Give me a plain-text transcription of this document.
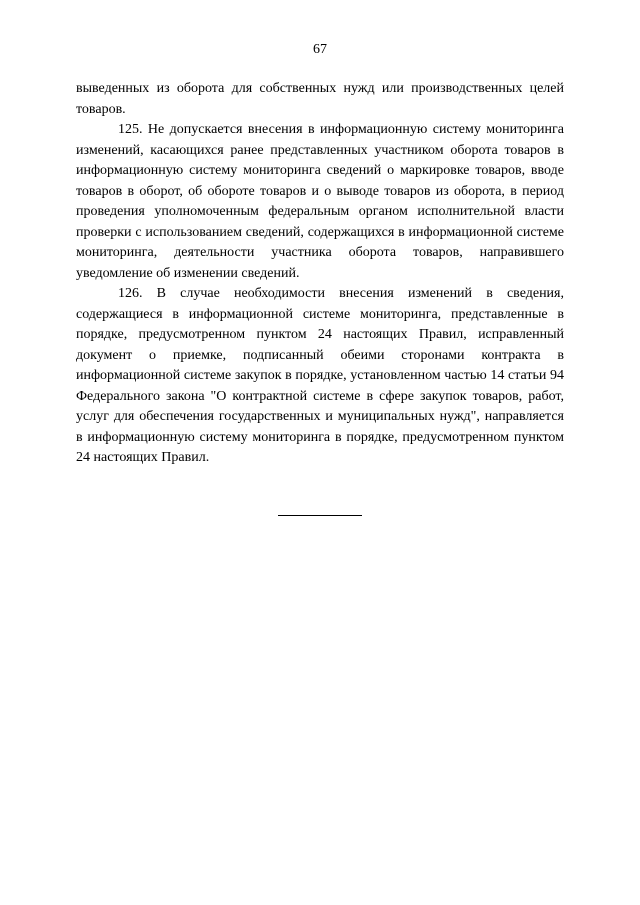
67

выведенных из оборота для собственных нужд или производственных целей товаров.

125. Не допускается внесения в информационную систему мониторинга изменений, касающихся ранее представленных участником оборота товаров в информационную систему мониторинга сведений о маркировке товаров, вводе товаров в оборот, об обороте товаров и о выводе товаров из оборота, в период проведения уполномоченным федеральным органом исполнительной власти проверки с использованием сведений, содержащихся в информационной системе мониторинга, деятельности участника оборота товаров, направившего уведомление об изменении сведений.

126. В случае необходимости внесения изменений в сведения, содержащиеся в информационной системе мониторинга, представленные в порядке, предусмотренном пунктом 24 настоящих Правил, исправленный документ о приемке, подписанный обеими сторонами контракта в информационной системе закупок в порядке, установленном частью 14 статьи 94 Федерального закона "О контрактной системе в сфере закупок товаров, работ, услуг для обеспечения государственных и муниципальных нужд", направляется в информационную систему мониторинга в порядке, предусмотренном пунктом 24 настоящих Правил.
